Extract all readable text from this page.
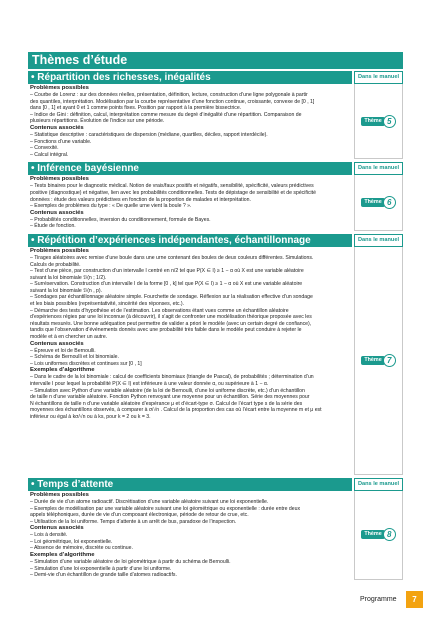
Thèmes d’étude
• Répartition des richesses, inégalités	Dans le manuel
Problèmes possibles
– Courbe de Lorenz : sur des données réelles, présentation, définition, lecture, construction d’une ligne polygonale à partir
des quantiles, interprétation. Modélisation par la courbe représentative d’une fonction continue, croissante, convexe de [0 , 1]
dans [0 , 1] et ayant 0 et 1 comme points fixes. Position par rapport à la première bissectrice.
– Indice de Gini : définition, calcul, interprétation comme mesure du degré d’inégalité d’une répartition. Comparaison de
plusieurs répartitions. Évolution de l’indice sur une période.
Contenus associés
– Statistique descriptive : caractéristiques de dispersion (médiane, quartiles, déciles, rapport interdécile).
– Fonctions d’une variable.
– Convexité.
– Calcul intégral.
Thème 5
• Inférence bayésienne	Dans le manuel
Problèmes possibles
– Tests binaires pour le diagnostic médical. Notion de vrais/faux positifs et négatifs, sensibilité, spécificité, valeurs prédictives
positive (diagnostique) et négative, lien avec les probabilités conditionnelles. Tests de dépistage de sensibilité et de spécificité
données : étude des valeurs prédictives en fonction de la proportion de malades et interprétation.
– Exemples de problèmes du type : « De quelle urne vient la boule ? ».
Contenus associés
– Probabilités conditionnelles, inversion du conditionnement, formule de Bayes.
– Étude de fonction.
Thème 6
• Répétition d’expériences indépendantes, échantillonnage	Dans le manuel
Problèmes possibles
– Tirages aléatoires avec remise d’une boule dans une urne contenant des boules de deux couleurs différentes. Simulations.
Calculs de probabilité.
– Test d’une pièce, par construction d’un intervalle I centré en n/2 tel que P(X ∈ I) ≥ 1 − α où X est une variable aléatoire
suivant la loi binomiale ℬ(n ; 1/2).
– Surréservation. Construction d’un intervalle I de la forme [0 , k] tel que P(X ∈ I) ≥ 1 − α où X est une variable aléatoire
suivant la loi binomiale ℬ(n , p).
– Sondages par échantillonnage aléatoire simple. Fourchette de sondage. Réflexion sur la réalisation effective d’un sondage
et les biais possibles (représentativité, sincérité des réponses, etc.).
– Démarche des tests d’hypothèse et de l’estimation. Les observations étant vues comme un échantillon aléatoire
d’expériences régies par une loi inconnue (à découvrir), il s’agit de confronter une modélisation théorique proposée avec les
résultats mesurés. Une bonne adéquation peut permettre de valider a priori le modèle (avec un certain degré de confiance),
tandis que l’observation d’événements donnés avec une probabilité très faible dans le modèle peut conduire à rejeter le
modèle et à en chercher un autre.
Contenus associés
– Épreuve et loi de Bernoulli.
– Schéma de Bernoulli et loi binomiale.
– Lois uniformes discrètes et continues sur [0 , 1]
Exemples d’algorithme
– Dans le cadre de la loi binomiale : calcul de coefficients binomiaux (triangle de Pascal), de probabilités ; détermination d’un
intervalle I pour lequel la probabilité P(X ∈ I) est inférieure à une valeur donnée α, ou supérieure à 1 − α.
– Simulation avec Python d’une variable aléatoire (de la loi de Bernoulli, d’une loi uniforme discrète, etc.) d’un échantillon
de taille n d’une variable aléatoire. Fonction Python renvoyant une moyenne pour un échantillon. Série des moyennes pour
N échantillons de taille n d’une variable aléatoire d’espérance μ et d’écart-type σ. Calcul de l’écart type s de la série des
moyennes des échantillons observés, à comparer à σ/√n . Calcul de la proportion des cas où l’écart entre la moyenne m et μ est
inférieur ou égal à kσ/√n ou à ks, pour k = 2 ou k = 3.
Thème 7
• Temps d’attente	Dans le manuel
Problèmes possibles
– Durée de vie d’un atome radioactif. Discrétisation d’une variable aléatoire suivant une loi exponentielle.
– Exemples de modélisation par une variable aléatoire suivant une loi géométrique ou exponentielle : durée entre deux
appels téléphoniques, durée de vie d’un composant électronique, période de retour de crue, etc.
– Utilisation de la loi uniforme. Temps d’attente à un arrêt de bus, paradoxe de l’inspection.
Contenus associés
– Lois à densité.
– Loi géométrique, loi exponentielle.
– Absence de mémoire, discrète ou continue.
Exemples d’algorithme
– Simulation d’une variable aléatoire de loi géométrique à partir du schéma de Bernoulli.
– Simulation d’une loi exponentielle à partir d’une loi uniforme.
– Demi-vie d’un échantillon de grande taille d’atomes radioactifs.
Thème 8
Programme	7
